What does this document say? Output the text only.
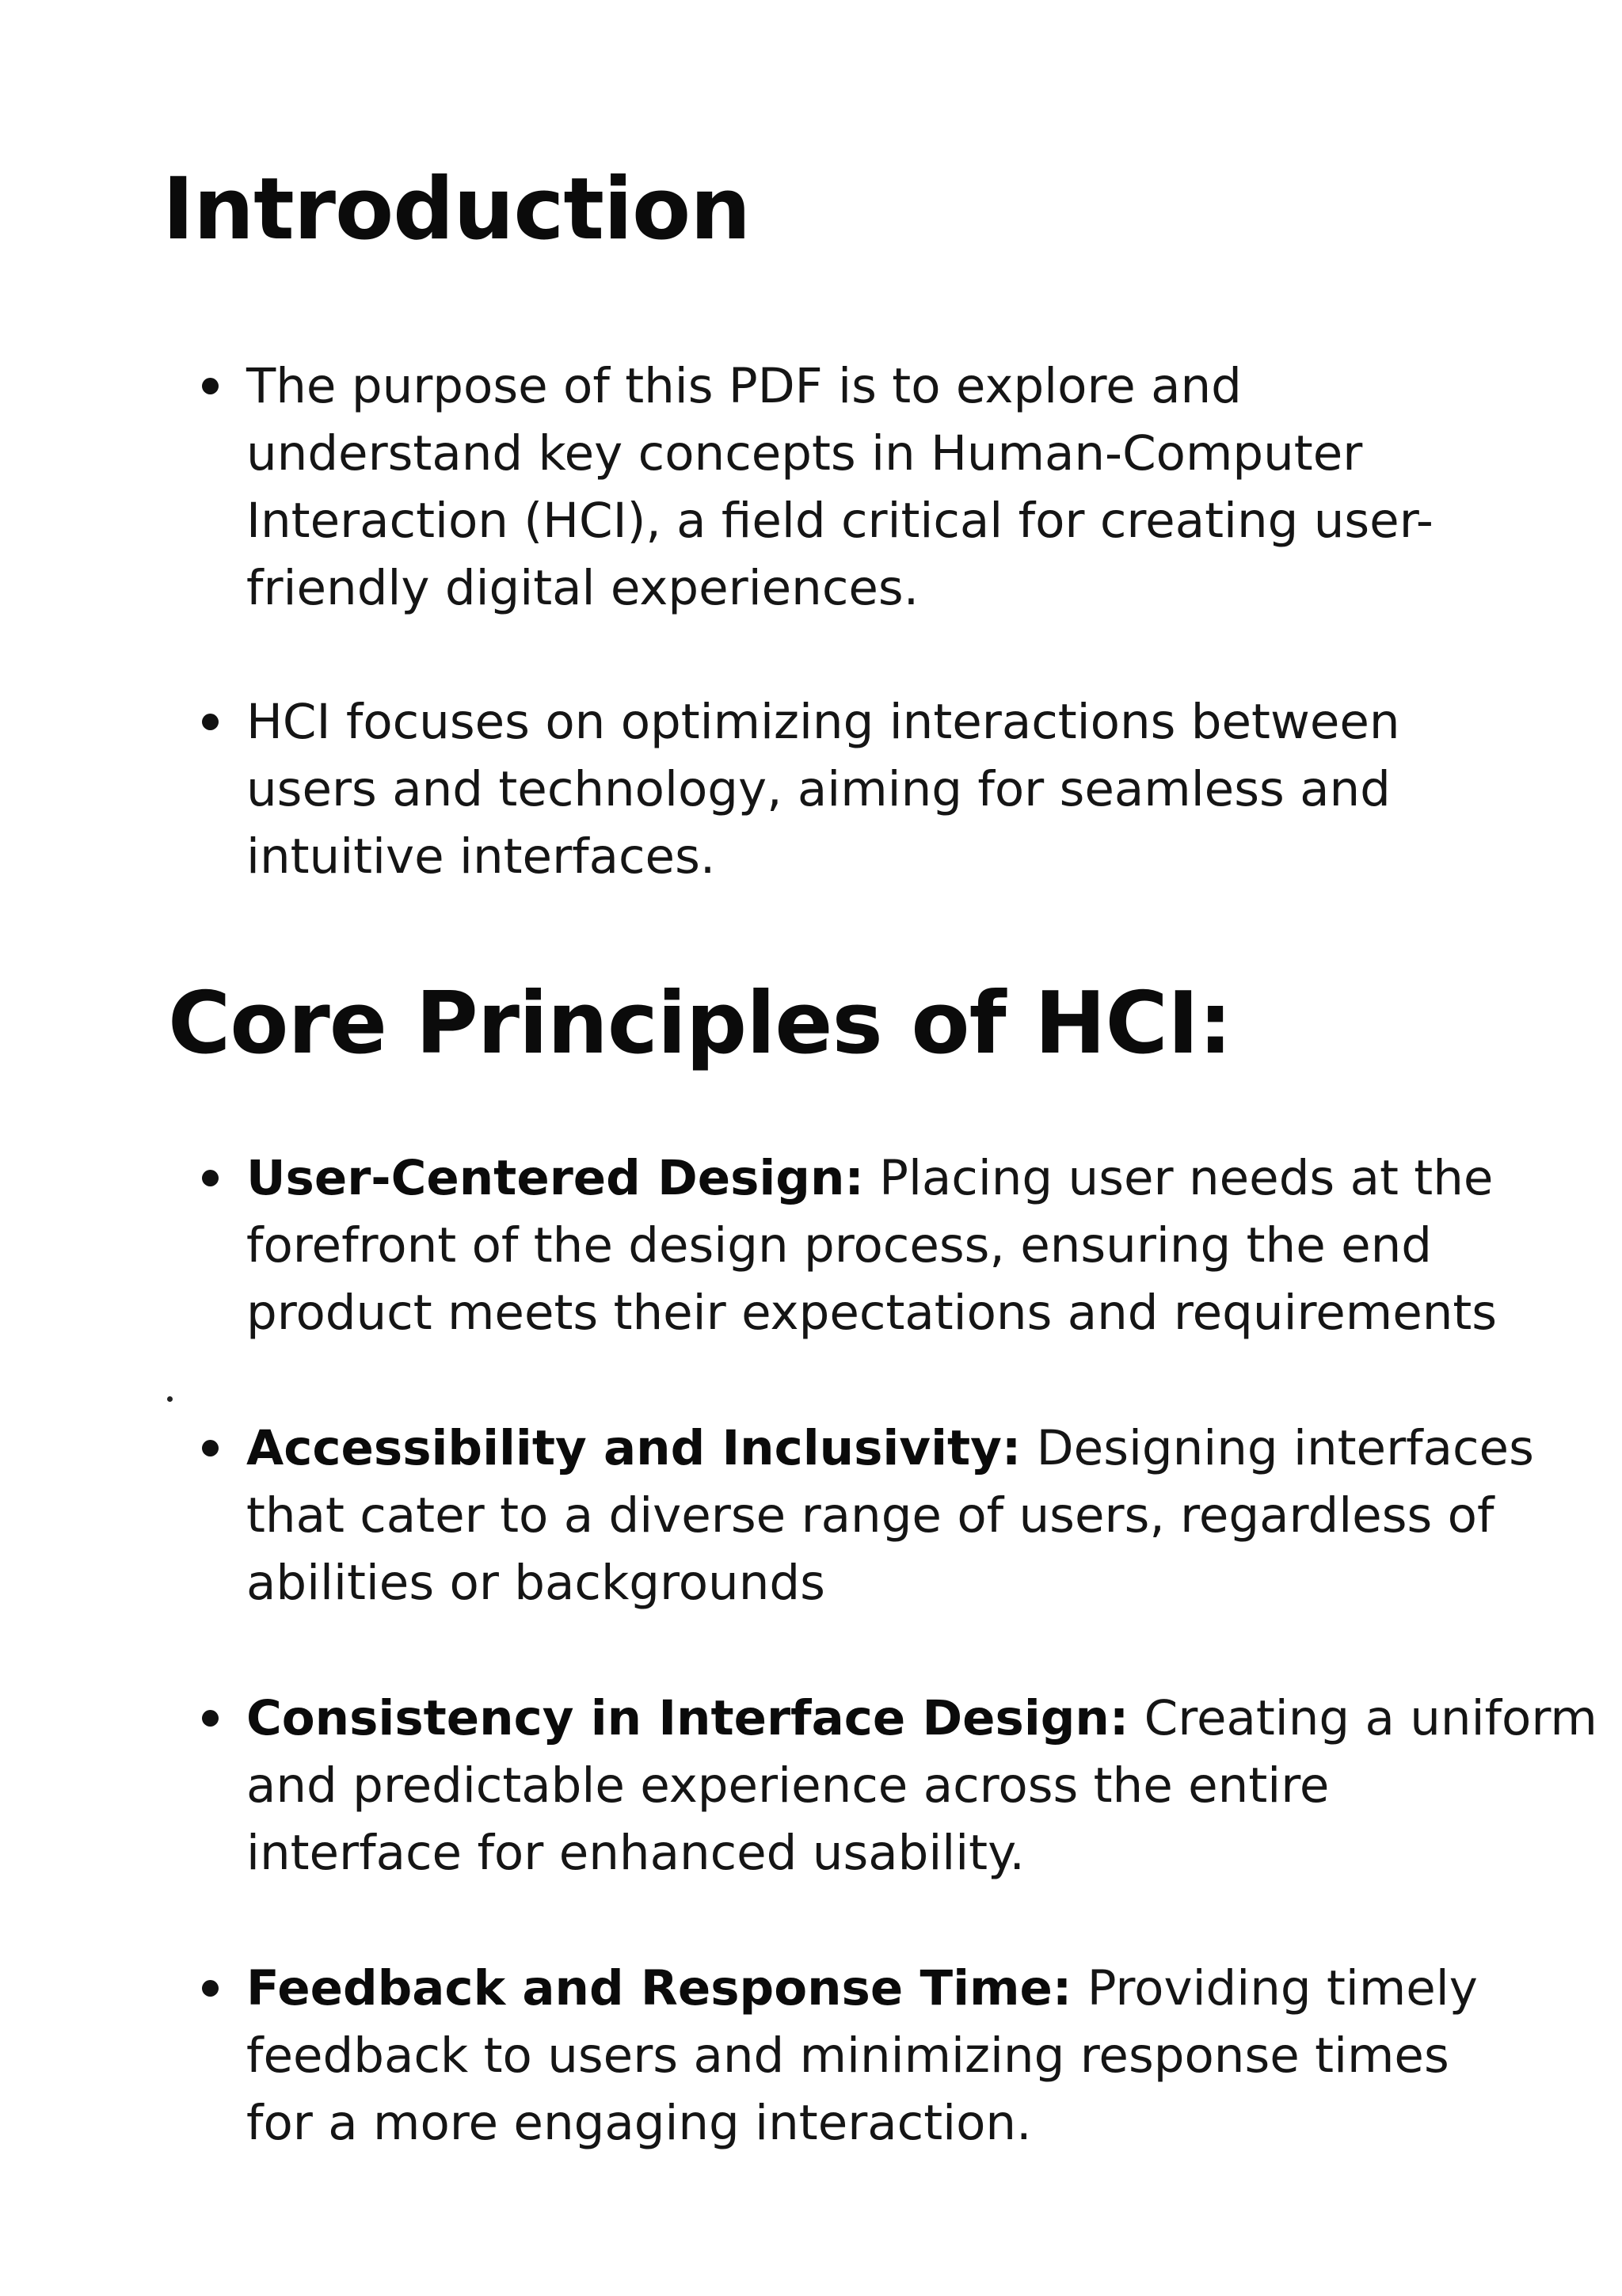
Introduction

The purpose of this PDF is to explore and
understand key concepts in Human-Computer
Interaction (HCI), a field critical for creating user-
friendly digital experiences.

HCI focuses on optimizing interactions between
users and technology, aiming for seamless and
intuitive interfaces.

Core Principles of HCI:

User-Centered Design: Placing user needs at the
forefront of the design process, ensuring the end
product meets their expectations and requirements

Accessibility and Inclusivity: Designing interfaces
that cater to a diverse range of users, regardless of
abilities or backgrounds

Consistency in Interface Design: Creating a uniform
and predictable experience across the entire
interface for enhanced usability.

Feedback and Response Time: Providing timely
feedback to users and minimizing response times
for a more engaging interaction.
